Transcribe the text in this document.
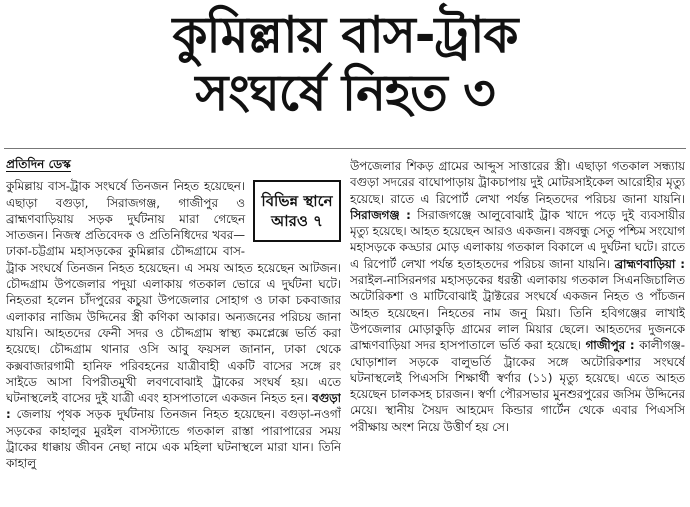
কুমিল্লায় বাস-ট্রাক
সংঘর্ষে নিহত ৩

প্রতিদিন ডেস্ক

বিভিন্ন স্থানে
আরও ৭
কুমিল্লায় বাস-ট্রাক সংঘর্ষে তিনজন নিহত হয়েছেন। এছাড়া বগুড়া, সিরাজগঞ্জ, গাজীপুর ও ব্রাহ্মণবাড়িয়ায় সড়ক দুর্ঘটনায় মারা গেছেন সাতজন। নিজস্ব প্রতিবেদক ও প্রতিনিধিদের খবর— ঢাকা-চট্টগ্রাম মহাসড়কের কুমিল্লার চৌদ্দগ্রামে বাস-ট্রাক সংঘর্ষে তিনজন নিহত হয়েছেন। এ সময় আহত হয়েছেন আটজন। চৌদ্দগ্রাম উপজেলার পদুয়া এলাকায় গতকাল ভোরে এ দুর্ঘটনা ঘটে। নিহতরা হলেন চাঁদপুরের কচুয়া উপজেলার সোহাগ ও ঢাকা চকবাজার এলাকার নাজিম উদ্দিনের স্ত্রী কণিকা আকার। অন্যজনের পরিচয় জানা যায়নি। আহতদের ফেনী সদর ও চৌদ্দগ্রাম স্বাস্থ্য কমপ্লেক্সে ভর্তি করা হয়েছে। চৌদ্দগ্রাম থানার ওসি আবু ফয়সল জানান, ঢাকা থেকে কক্সবাজারগামী হানিফ পরিবহনের যাত্রীবাহী একটি বাসের সঙ্গে রং সাইডে আসা বিপরীতমুখী লবণবোঝাই ট্রাকের সংঘর্ষ হয়। এতে ঘটনাস্থলেই বাসের দুই যাত্রী এবং হাসপাতালে একজন নিহত হন। বগুড়া : জেলায় পৃথক সড়ক দুর্ঘটনায় তিনজন নিহত হয়েছেন। বগুড়া-নওগাঁ সড়কের কাহালুর মুরইল বাসস্ট্যান্ডে গতকাল রাস্তা পারাপারের সময় ট্রাকের ধাক্কায় জীবন নেছা নামে এক মহিলা ঘটনাস্থলে মারা যান। তিনি কাহালু

উপজেলার শিকড় গ্রামের আব্দুস সাত্তারের স্ত্রী। এছাড়া গতকাল সন্ধ্যায় বগুড়া সদরের বাঘোপাড়ায় ট্রাকচাপায় দুই মোটরসাইকেল আরোহীর মৃত্যু হয়েছে। রাতে এ রিপোর্ট লেখা পর্যন্ত নিহতদের পরিচয় জানা যায়নি। সিরাজগঞ্জ : সিরাজগঞ্জে আলুবোঝাই ট্রাক খাদে পড়ে দুই ব্যবসায়ীর মৃত্যু হয়েছে। আহত হয়েছেন আরও একজন। বঙ্গবন্ধু সেতু পশ্চিম সংযোগ মহাসড়কে কড্ডার মোড় এলাকায় গতকাল বিকালে এ দুর্ঘটনা ঘটে। রাতে এ রিপোর্ট লেখা পর্যন্ত হতাহতদের পরিচয় জানা যায়নি। ব্রাহ্মণবাড়িয়া : সরাইল-নাসিরনগর মহাসড়কের ধরন্তী এলাকায় গতকাল সিএনজিচালিত অটোরিকশা ও মাটিবোঝাই ট্রাক্টরের সংঘর্ষে একজন নিহত ও পাঁচজন আহত হয়েছেন। নিহতের নাম জনু মিয়া। তিনি হবিগঞ্জের লাখাই উপজেলার মোড়াকুড়ি গ্রামের লাল মিয়ার ছেলে। আহতদের দুজনকে ব্রাহ্মণবাড়িয়া সদর হাসপাতালে ভর্তি করা হয়েছে। গাজীপুর : কালীগঞ্জ-ঘোড়াশাল সড়কে বালুভর্তি ট্রাকের সঙ্গে অটোরিকশার সংঘর্ষে ঘটনাস্থলেই পিএসসি শিক্ষার্থী স্বর্ণার (১১) মৃত্যু হয়েছে। এতে আহত হয়েছেন চালকসহ চারজন। স্বর্ণা পৌরসভার মুনশুরপুরের জসিম উদ্দিনের মেয়ে। স্থানীয় সৈয়দ আহমেদ কিন্ডার গার্টেন থেকে এবার পিএসসি পরীক্ষায় অংশ নিয়ে উত্তীর্ণ হয় সে।
